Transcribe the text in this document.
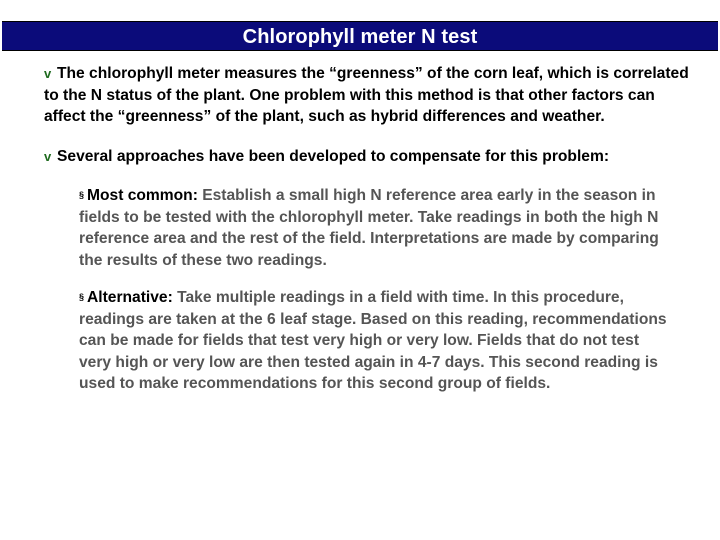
Chlorophyll meter N test

v The chlorophyll meter measures the “greenness” of the corn leaf, which is correlated to the N status of the plant. One problem with this method is that other factors can affect the “greenness” of the plant, such as hybrid differences and weather.

v Several approaches have been developed to compensate for this problem:

§ Most common: Establish a small high N reference area early in the season in fields to be tested with the chlorophyll meter. Take readings in both the high N reference area and the rest of the field. Interpretations are made by comparing the results of these two readings.

§ Alternative: Take multiple readings in a field with time. In this procedure, readings are taken at the 6 leaf stage. Based on this reading, recommendations can be made for fields that test very high or very low. Fields that do not test very high or very low are then tested again in 4-7 days. This second reading is used to make recommendations for this second group of fields.
